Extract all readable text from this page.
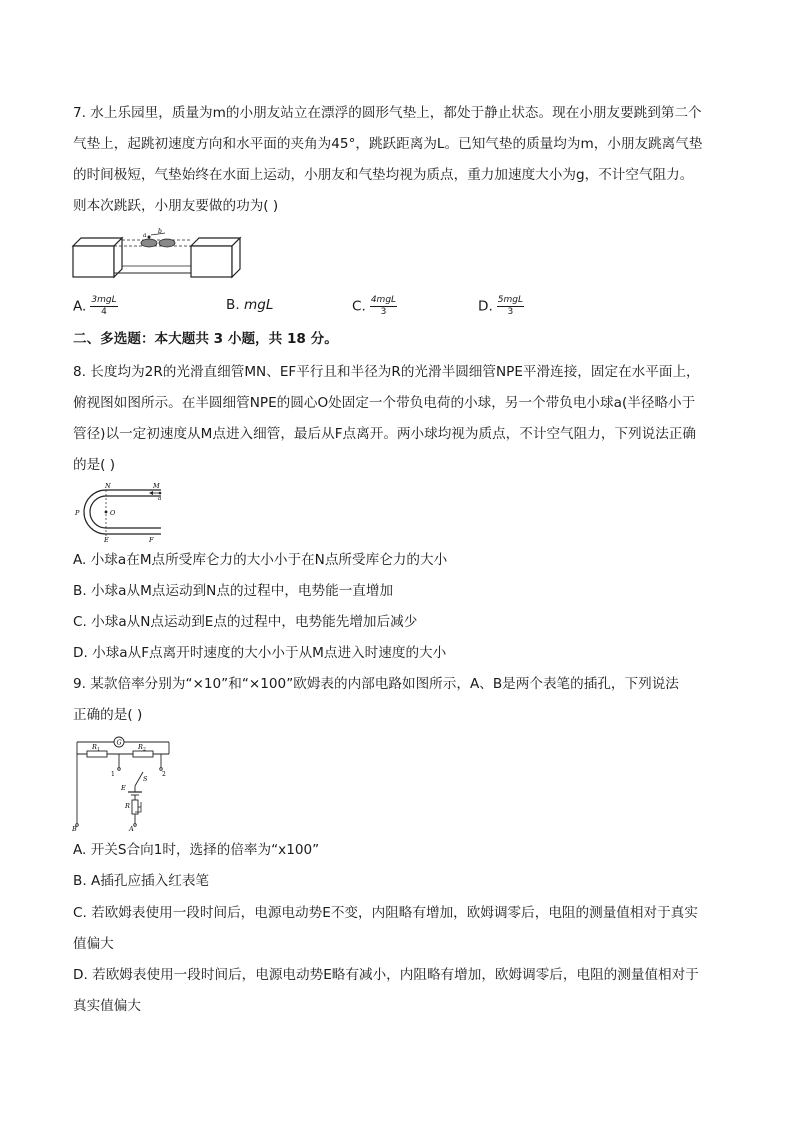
7. 水上乐园里，质量为m的小朋友站立在漂浮的圆形气垫上，都处于静止状态。现在小朋友要跳到第二个
气垫上，起跳初速度方向和水平面的夹角为45°，跳跃距离为L。已知气垫的质量均为m，小朋友跳离气垫
的时间极短，气垫始终在水面上运动，小朋友和气垫均视为质点，重力加速度大小为g，不计空气阻力。
则本次跳跃，小朋友要做的功为( )
a
b
A. $\frac{\text{3mgL}}{4}$	B. mgL	C. $\frac{\text{4mgL}}{3}$	D. $\frac{\text{5mgL}}{3}$
二、多选题：本大题共 3 小题，共 18 分。
8. 长度均为2R的光滑直细管MN、EF平行且和半径为R的光滑半圆细管NPE平滑连接，固定在水平面上，
俯视图如图所示。在半圆细管NPE的圆心O处固定一个带负电荷的小球，另一个带负电小球a(半径略小于
管径)以一定初速度从M点进入细管，最后从F点离开。两小球均视为质点，不计空气阻力，下列说法正确
的是( )
N	M
a
P	O
E	F
A. 小球a在M点所受库仑力的大小小于在N点所受库仑力的大小
B. 小球a从M点运动到N点的过程中，电势能一直增加
C. 小球a从N点运动到E点的过程中，电势能先增加后减少
D. 小球a从F点离开时速度的大小小于从M点进入时速度的大小
9. 某款倍率分别为“×10”和“×100”欧姆表的内部电路如图所示，A、B是两个表笔的插孔，下列说法
正确的是( )
G
R 1	R 2
1	2
S
E
R
A
B
A. 开关S合向1时，选择的倍率为“x100”
B. A插孔应插入红表笔
C. 若欧姆表使用一段时间后，电源电动势E不变，内阻略有增加，欧姆调零后，电阻的测量值相对于真实
值偏大
D. 若欧姆表使用一段时间后，电源电动势E略有减小，内阻略有增加，欧姆调零后，电阻的测量值相对于
真实值偏大
